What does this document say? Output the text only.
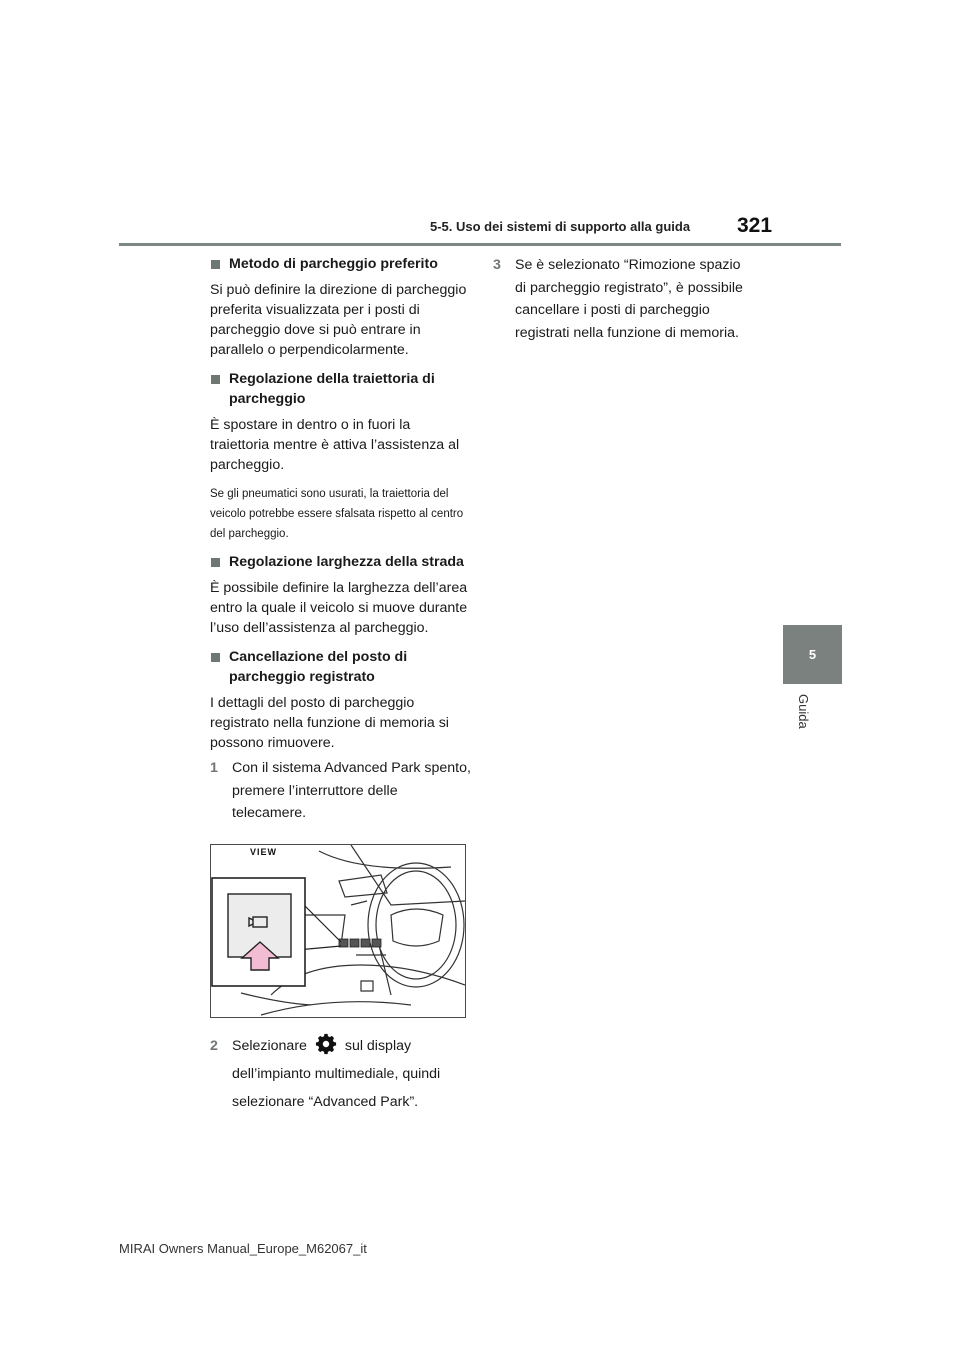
5-5. Uso dei sistemi di supporto alla guida 321
5
Guida
Metodo di parcheggio preferito

Si può definire la direzione di parcheggio preferita visualizzata per i posti di parcheggio dove si può entrare in parallelo o perpendicolarmente.

Regolazione della traiettoria di parcheggio

È spostare in dentro o in fuori la traiettoria mentre è attiva l’assistenza al parcheggio.

Se gli pneumatici sono usurati, la traiettoria del veicolo potrebbe essere sfalsata rispetto al centro del parcheggio.

Regolazione larghezza della strada

È possibile definire la larghezza dell’area entro la quale il veicolo si muove durante l’uso dell’assistenza al parcheggio.

Cancellazione del posto di parcheggio registrato

I dettagli del posto di parcheggio registrato nella funzione di memoria si possono rimuovere.

1 Con il sistema Advanced Park spento, premere l’interruttore delle telecamere.
VIEW
2 Selezionare	sul display dell’impianto multimediale, quindi selezionare “Advanced Park”.
3 Se è selezionato “Rimozione spazio di parcheggio registrato”, è possibile cancellare i posti di parcheggio registrati nella funzione di memoria.
MIRAI Owners Manual_Europe_M62067_it
